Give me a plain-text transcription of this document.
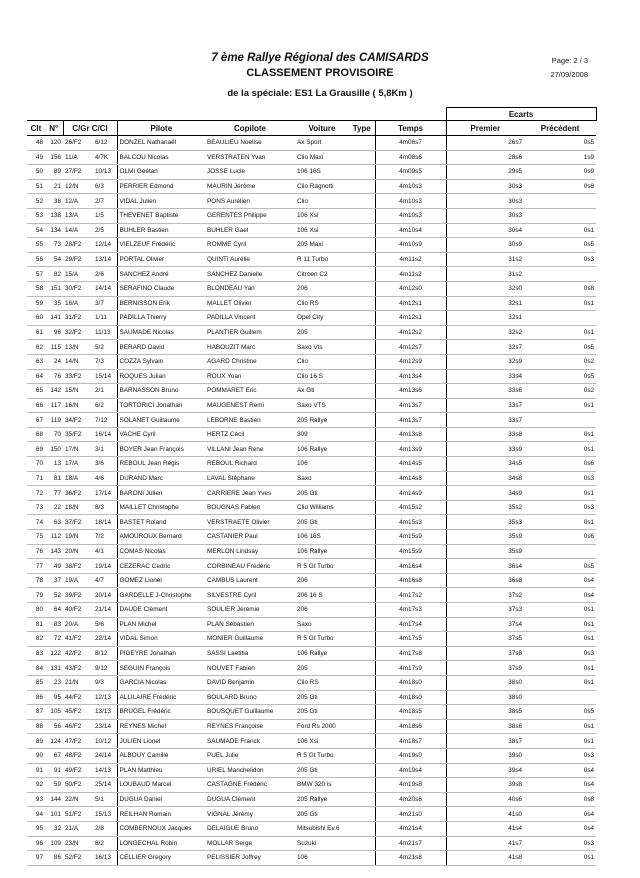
7 ème Rallye Régional des CAMISARDS
CLASSEMENT PROVISOIRE
de la spéciale: ES1 La Grausille ( 5,8Km )
Page: 2 / 3
27/09/2008
									Ecarts	
Clt	N°	C/Gr C/Cl		Pilote	Copilote	Voiture	Type	Temps	Premier	Précédent
48	120	26/F2	6/12	DONZEL Nathanaël	BEAULIEU Noelise	Ax Sport		4m06s7	26s7	0s5
49	156	11/A	4/7K	BALCOU Nicolas	VERSTRATEN Yvan	Clio Maxi		4m08s6	28s6	1s9
50	89	27/F2	10/13	OLMI Geétan	JOSSE Lucie	106 16S		4m09s5	29s5	0s9
51	21	12/N	6/3	PERRIER Edmond	MAURIN Jérôme	Clio Ragnotti		4m10s3	30s3	0s8
52	38	12/A	2/7	VIDAL Julien	PONS Aurélien	Clio		4m10s3	30s3	
53	138	13/A	1/5	THEVENET Baptiste	GERENTES Philippe	106 Xsi		4m10s3	30s3	
54	134	14/A	2/5	BUHLER Bastien	BUHLER Gael	106 Xsi		4m10s4	30s4	0s1
55	73	28/F2	12/14	VIELZEUF Frédéric	ROMME Cyril	205 Maxi		4m10s9	30s9	0s5
56	54	29/F2	13/14	PORTAL Olivier	QUINTI Aurélie	R 11 Turbo		4m11s2	31s2	0s3
57	82	15/A	2/6	SANCHEZ André	SANCHEZ Danielle	Citroen C2		4m11s2	31s2	
58	151	30/F2	14/14	SERAFINO Claude	BLONDEAU Yan	206		4m12s0	32s0	0s8
59	35	16/A	3/7	BERNISSON Erik	MALLET Olivier	Clio RS		4m12s1	32s1	0s1
60	141	31/F2	1/11	PADILLA Thierry	PADILLA Vincent	Opel City		4m12s1	32s1	
61	96	32/F2	11/13	SAUMADE Nicolas	PLANTIER Guillem	205		4m12s2	32s2	0s1
62	115	13/N	5/2	BERARD David	HABOUZIT Marc	Saxo Vts		4m12s7	32s7	0s5
63	24	14/N	7/3	COZZA Sylvain	AGARD Christine	Clio		4m12s9	32s9	0s2
64	76	33/F2	15/14	ROQUES Julian	ROUX Yoan	Clio 16 S		4m13s4	33s4	0s5
65	142	15/N	2/1	BARNASSON Bruno	POMMARET Eric	Ax Gti		4m13s6	33s6	0s2
66	117	16/N	6/2	TORTORICI Jonathan	MAUGENEST Remi	Saxo VTS		4m13s7	33s7	0s1
67	119	34/F2	7/12	SOLANET Guillaume	LEBORNE Bastien	205 Rallye		4m13s7	33s7	
68	70	35/F2	16/14	VACHE Cyril	HERTZ Cécil	309		4m13s8	33s8	0s1
69	150	17/N	3/1	BOYER Jean François	VILLANI Jean Rene	106 Rallye		4m13s9	33s9	0s1
70	13	17/A	3/6	REBOUL Jean Régis	REBOUL Richard	106		4m14s5	34s5	0s6
71	81	18/A	4/6	DURAND Marc	LAVAL Stéphane	Saxo		4m14s8	34s8	0s3
72	77	36/F2	17/14	BARONI Julien	CARRIERE Jean Yves	205 Gti		4m14s9	34s9	0s1
73	22	18/N	8/3	MAILLET Christophe	BOUGNAS Fabien	Clio Williams		4m15s2	35s2	0s3
74	63	37/F2	18/14	BASTET Roland	VERSTRAETE Olivier	205 Gti		4m15s3	35s3	0s1
75	112	19/N	7/2	AMOUROUX Bernard	CASTANIER Paul	106 16S		4m15s9	35s9	0s6
76	143	20/N	4/1	COMAS Nicolas	MERLON Lindsay	106 Rallye		4m15s9	35s9	
77	49	38/F2	19/14	CEZERAC Cedric	CORBINEAU Frédéric	R 5 Gt Turbo		4m16s4	36s4	0s5
78	37	19/A	4/7	GOMEZ Lionel	CAMBUS Laurent	206		4m16s8	36s8	0s4
79	52	39/F2	20/14	GARDELLE J-Christophe	SILVESTRE Cyril	206 16 S		4m17s2	37s2	0s4
80	64	40/F2	21/14	DAUDE Clément	SOULIER Jérémie	206		4m17s3	37s3	0s1
81	83	20/A	5/6	PLAN Michel	PLAN Sébastien	Saxo		4m17s4	37s4	0s1
82	72	41/F2	22/14	VIDAL Simon	MONIER Guillaume	R 5 Gt Turbo		4m17s5	37s5	0s1
83	122	42/F2	8/12	PIGEYRE Jonathan	SASSI Laetitia	106 Rallye		4m17s8	37s8	0s3
84	131	43/F2	9/12	SEGUIN François	NOUVET Fabien	205		4m17s9	37s9	0s1
85	23	21/N	9/3	GARCIA Nicolas	DAVID Benjamin	Clio RS		4m18s0	38s0	0s1
86	95	44/F2	12/13	ALLILAIRE Frédéric	BOULARD Bruno	205 Gti		4m18s0	38s0	
87	105	45/F2	13/13	BRUGEL Frédéric	BOUSQUET Guillaume	205 Gti		4m18s5	38s5	0s5
88	56	46/F2	23/14	REYNES Michel	REYNES Françoise	Ford Rs 2000		4m18s6	38s6	0s1
89	124	47/F2	10/12	JULIEN Lionel	SAUMADE Franck	106 Xsi		4m18s7	38s7	0s1
90	67	48/F2	24/14	ALBOUY Camille	PUEL Julie	R 5 Gt Turbo		4m19s0	39s0	0s3
91	91	49/F2	14/13	PLAN Matthieu	URIEL Manchelidon	205 Gti		4m19s4	39s4	0s4
92	59	50/F2	25/14	LOUBAUD Marcel	CASTAGNE Frédéric	BMW 320 is		4m19s8	39s8	0s4
93	144	22/N	5/1	DUGUA Daniel	DUGUA Clément	205 Rallye		4m20s6	40s6	0s8
94	101	51/F2	15/13	REILHAN Romain	VIGNAL Jérémy	205 Gti		4m21s0	41s0	0s4
95	32	21/A	2/8	COMBERNOUX Jacques	DELAIGUE Bruno	Mitsubishi Ev.6		4m21s4	41s4	0s4
96	109	23/N	8/2	LONGECHAL Robin	MOLLAR Serge	Suzuki		4m21s7	41s7	0s3
97	86	52/F2	16/13	CELLIER Gregory	PELISSIER Joffrey	106		4m21s8	41s8	0s1
